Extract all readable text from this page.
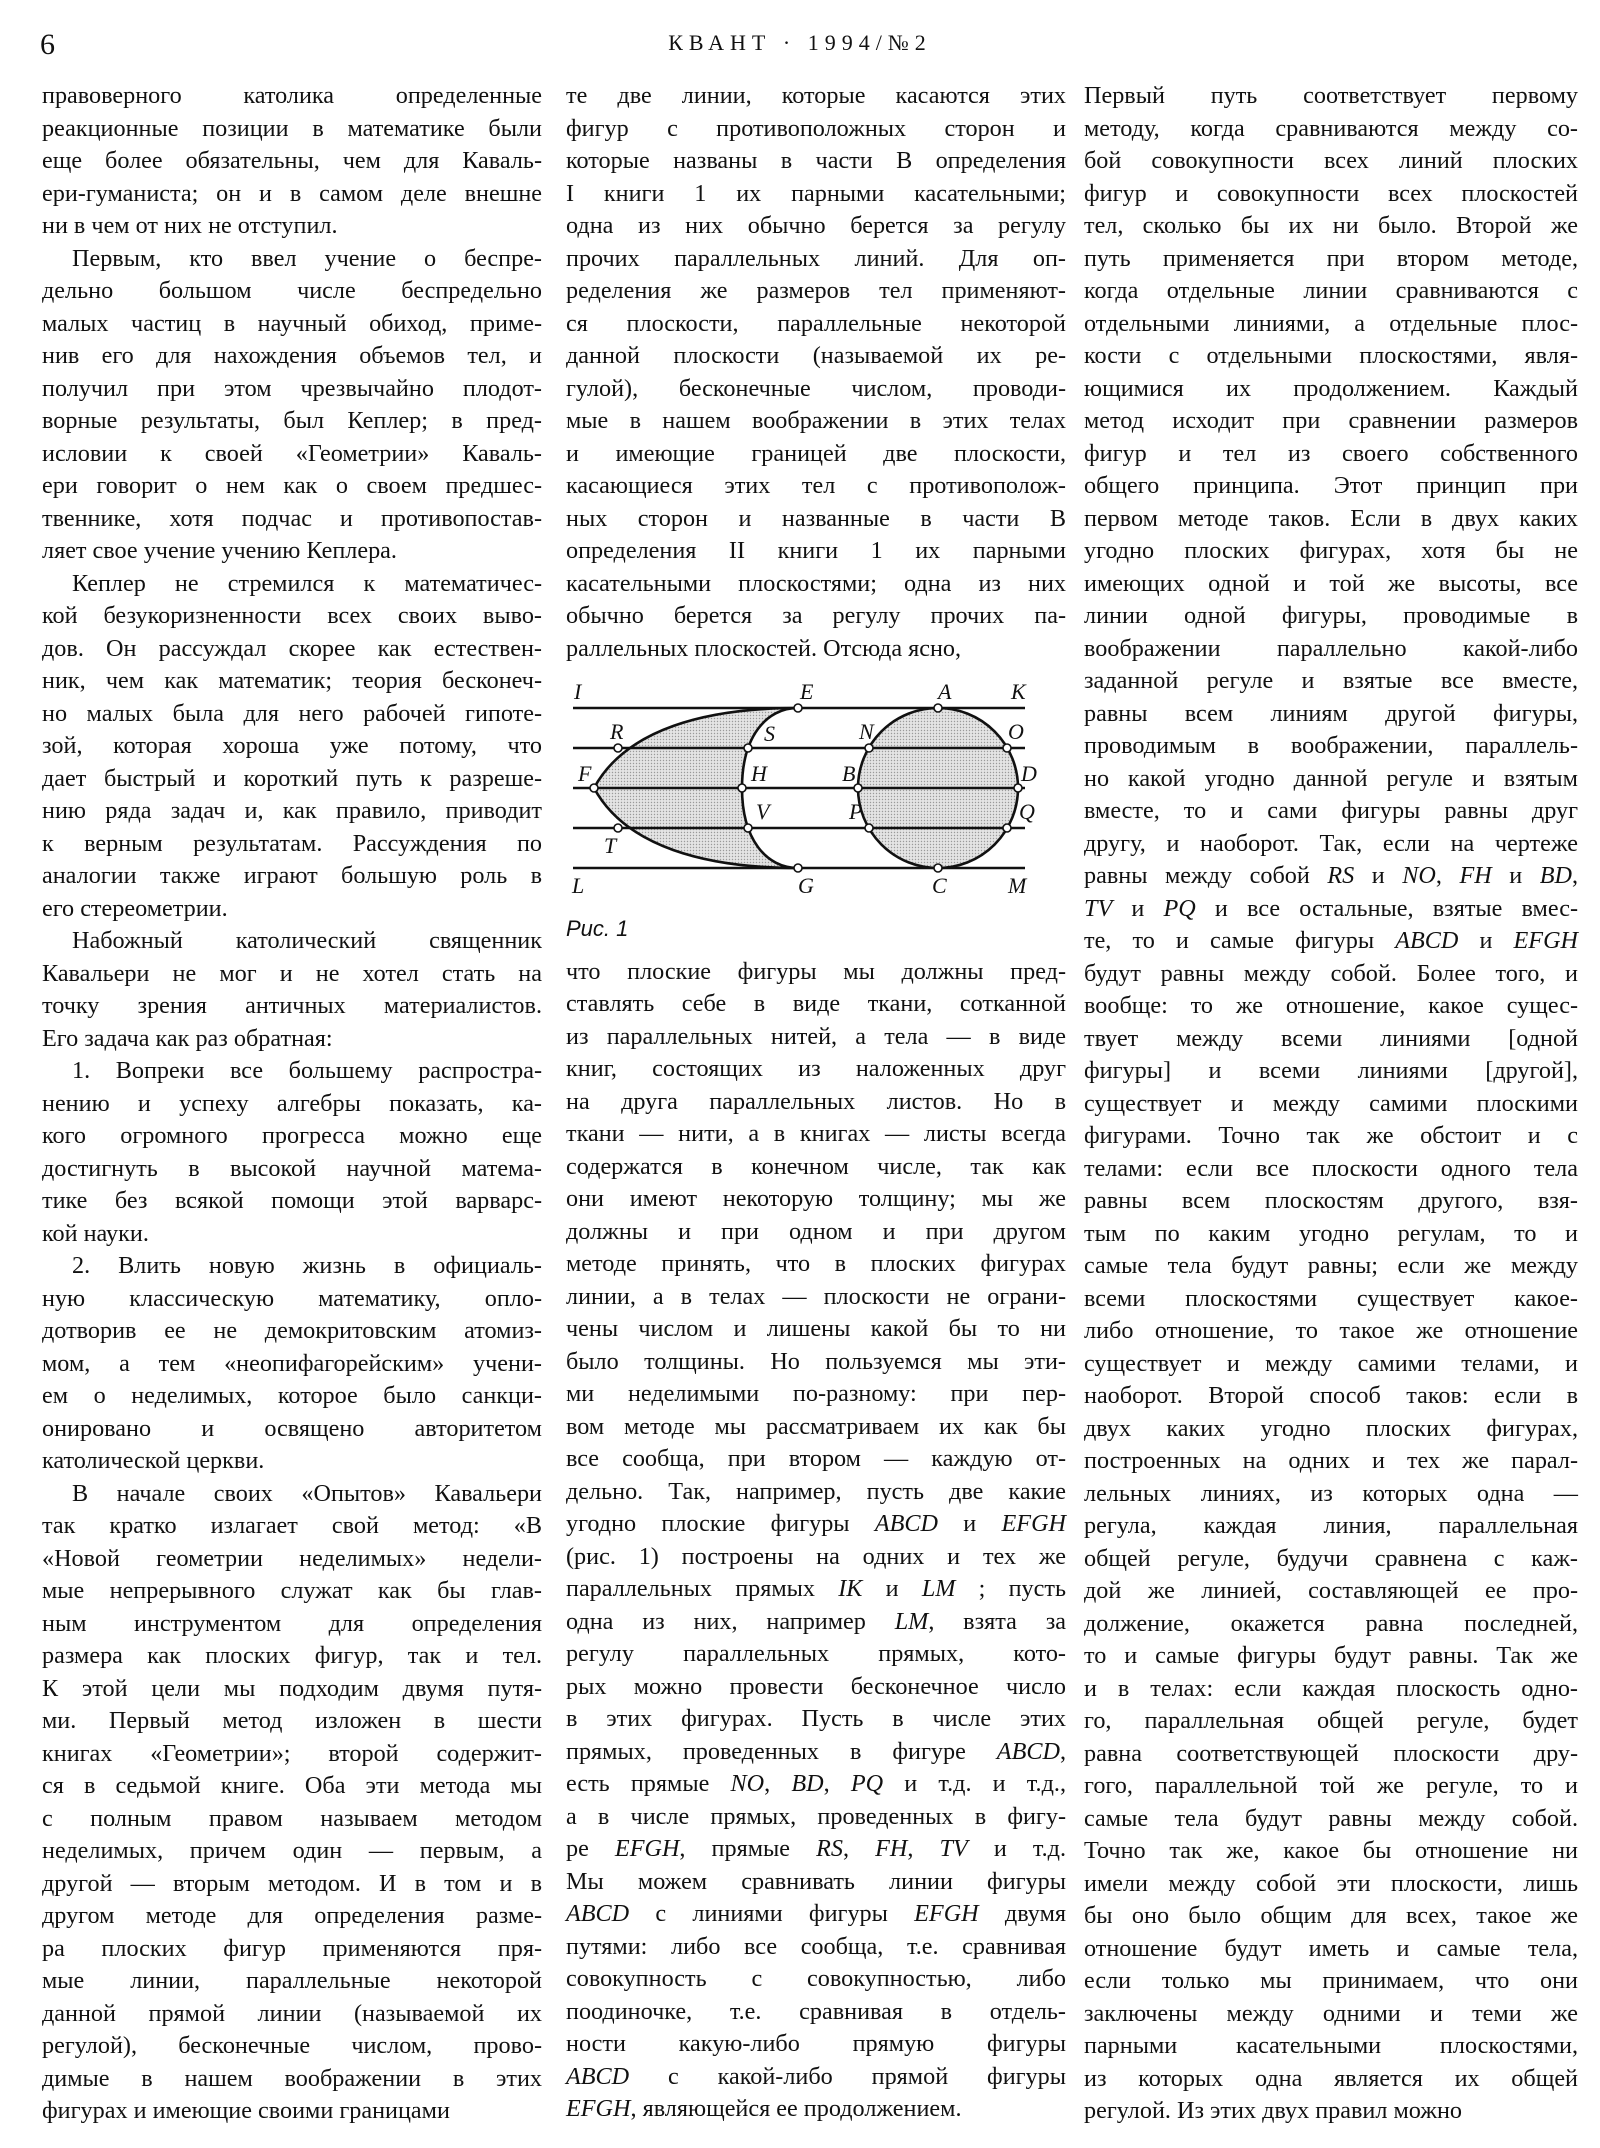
6	КВАНТ · 1994/№2
правоверного католика определенные
реакционные позиции в математике были
еще более обязательны, чем для Каваль-
ери-гуманиста; он и в самом деле внешне
ни в чем от них не отступил.
Первым, кто ввел учение о беспре-
дельно большом числе беспредельно
малых частиц в научный обиход, приме-
нив его для нахождения объемов тел, и
получил при этом чрезвычайно плодот-
ворные результаты, был Кеплер; в пред-
исловии к своей «Геометрии» Каваль-
ери говорит о нем как о своем предшес-
твеннике, хотя подчас и противопостав-
ляет свое учение учению Кеплера.
Кеплер не стремился к математичес-
кой безукоризненности всех своих выво-
дов. Он рассуждал скорее как естествен-
ник, чем как математик; теория бесконеч-
но малых была для него рабочей гипоте-
зой, которая хороша уже потому, что
дает быстрый и короткий путь к разреше-
нию ряда задач и, как правило, приводит
к верным результатам. Рассуждения по
аналогии также играют большую роль в
его стереометрии.
Набожный католический священник
Кавальери не мог и не хотел стать на
точку зрения античных материалистов.
Его задача как раз обратная:
1. Вопреки все большему распростра-
нению и успеху алгебры показать, ка-
кого огромного прогресса можно еще
достигнуть в высокой научной матема-
тике без всякой помощи этой варварс-
кой науки.
2. Влить новую жизнь в официаль-
ную классическую математику, опло-
дотворив ее не демокритовским атомиз-
мом, а тем «неопифагорейским» учени-
ем о неделимых, которое было санкци-
онировано и освящено авторитетом
католической церкви.
В начале своих «Опытов» Кавальери
так кратко излагает свой метод: «В
«Новой геометрии неделимых» недели-
мые непрерывного служат как бы глав-
ным инструментом для определения
размера как плоских фигур, так и тел.
К этой цели мы подходим двумя путя-
ми. Первый метод изложен в шести
книгах «Геометрии»; второй содержит-
ся в седьмой книге. Оба эти метода мы
с полным правом называем методом
неделимых, причем один — первым, а
другой — вторым методом. И в том и в
другом методе для определения разме-
ра плоских фигур применяются пря-
мые линии, параллельные некоторой
данной прямой линии (называемой их
регулой), бесконечные числом, прово-
димые в нашем воображении в этих
фигурах и имеющие своими границами
те две линии, которые касаются этих
фигур с противоположных сторон и
которые названы в части В определения
I книги 1 их парными касательными;
одна из них обычно берется за регулу
прочих параллельных линий. Для оп-
ределения же размеров тел применяют-
ся плоскости, параллельные некоторой
данной плоскости (называемой их ре-
гулой), бесконечные числом, проводи-
мые в нашем воображении в этих телах
и имеющие границей две плоскости,
касающиеся этих тел с противополож-
ных сторон и названные в части В
определения II книги 1 их парными
касательными плоскостями; одна из них
обычно берется за регулу прочих па-
раллельных плоскостей. Отсюда ясно,
I	E	A	K
R	S	N	O
F	H	B	D
V	P	Q
T
L	G	C	M
Рис. 1
что плоские фигуры мы должны пред-
ставлять себе в виде ткани, сотканной
из параллельных нитей, а тела — в виде
книг, состоящих из наложенных друг
на друга параллельных листов. Но в
ткани — нити, а в книгах — листы всегда
содержатся в конечном числе, так как
они имеют некоторую толщину; мы же
должны и при одном и при другом
методе принять, что в плоских фигурах
линии, а в телах — плоскости не ограни-
чены числом и лишены какой бы то ни
было толщины. Но пользуемся мы эти-
ми неделимыми по-разному: при пер-
вом методе мы рассматриваем их как бы
все сообща, при втором — каждую от-
дельно. Так, например, пусть две какие
угодно плоские фигуры ABCD и EFGH
(рис. 1) построены на одних и тех же
параллельных прямых IK и LM ; пусть
одна из них, например LM, взята за
регулу параллельных прямых, кото-
рых можно провести бесконечное число
в этих фигурах. Пусть в числе этих
прямых, проведенных в фигуре ABCD,
есть прямые NO, BD, PQ и т.д. и т.д.,
а в числе прямых, проведенных в фигу-
ре EFGH, прямые RS, FH, TV и т.д.
Мы можем сравнивать линии фигуры
ABCD с линиями фигуры EFGH двумя
путями: либо все сообща, т.е. сравнивая
совокупность с совокупностью, либо
поодиночке, т.е. сравнивая в отдель-
ности какую-либо прямую фигуры
ABCD с какой-либо прямой фигуры
EFGH, являющейся ее продолжением.
Первый путь соответствует первому
методу, когда сравниваются между со-
бой совокупности всех линий плоских
фигур и совокупности всех плоскостей
тел, сколько бы их ни было. Второй же
путь применяется при втором методе,
когда отдельные линии сравниваются с
отдельными линиями, а отдельные плос-
кости с отдельными плоскостями, явля-
ющимися их продолжением. Каждый
метод исходит при сравнении размеров
фигур и тел из своего собственного
общего принципа. Этот принцип при
первом методе таков. Если в двух каких
угодно плоских фигурах, хотя бы не
имеющих одной и той же высоты, все
линии одной фигуры, проводимые в
воображении параллельно какой-либо
заданной регуле и взятые все вместе,
равны всем линиям другой фигуры,
проводимым в воображении, параллель-
но какой угодно данной регуле и взятым
вместе, то и сами фигуры равны друг
другу, и наоборот. Так, если на чертеже
равны между собой RS и NO, FH и BD,
TV и PQ и все остальные, взятые вмес-
те, то и самые фигуры ABCD и EFGH
будут равны между собой. Более того, и
вообще: то же отношение, какое сущес-
твует между всеми линиями [одной
фигуры] и всеми линиями [другой],
существует и между самими плоскими
фигурами. Точно так же обстоит и с
телами: если все плоскости одного тела
равны всем плоскостям другого, взя-
тым по каким угодно регулам, то и
самые тела будут равны; если же между
всеми плоскостями существует какое-
либо отношение, то такое же отношение
существует и между самими телами, и
наоборот. Второй способ таков: если в
двух каких угодно плоских фигурах,
построенных на одних и тех же парал-
лельных линиях, из которых одна —
регула, каждая линия, параллельная
общей регуле, будучи сравнена с каж-
дой же линией, составляющей ее про-
должение, окажется равна последней,
то и самые фигуры будут равны. Так же
и в телах: если каждая плоскость одно-
го, параллельная общей регуле, будет
равна соответствующей плоскости дру-
гого, параллельной той же регуле, то и
самые тела будут равны между собой.
Точно так же, какое бы отношение ни
имели между собой эти плоскости, лишь
бы оно было общим для всех, такое же
отношение будут иметь и самые тела,
если только мы принимаем, что они
заключены между одними и теми же
парными касательными плоскостями,
из которых одна является их общей
регулой. Из этих двух правил можно
